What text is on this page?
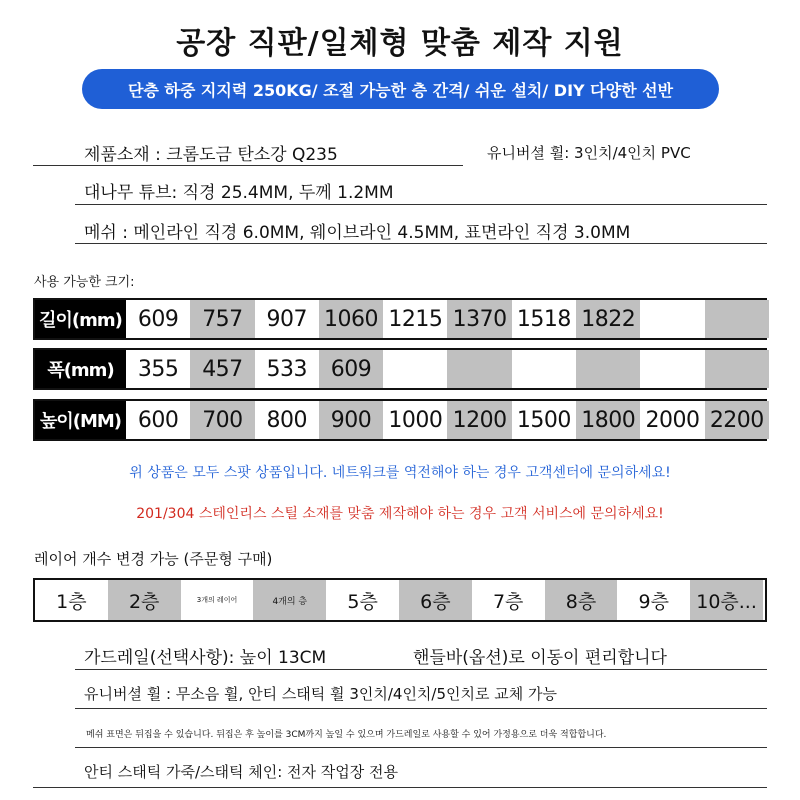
공장 직판/일체형 맞춤 제작 지원
단층 하중 지지력 250KG/ 조절 가능한 층 간격/ 쉬운 설치/ DIY 다양한 선반
제품소재 : 크롬도금 탄소강 Q235	유니버셜 휠: 3인치/4인치 PVC
대나무 튜브: 직경 25.4MM, 두께 1.2MM
메쉬 : 메인라인 직경 6.0MM, 웨이브라인 4.5MM, 표면라인 직경 3.0MM
사용 가능한 크기:
길이(mm) 609	757	907 1060 1215 1370 1518 1822
폭(mm)	355	457	533	609
높이(MM) 600	700	800	900 1000 1200 1500 1800 2000 2200
위 상품은 모두 스팟 상품입니다. 네트워크를 역전해야 하는 경우 고객센터에 문의하세요!
201/304 스테인리스 스틸 소재를 맞춤 제작해야 하는 경우 고객 서비스에 문의하세요!
레이어 개수 변경 가능 (주문형 구매)
1층	2층	3개의 레이어	4개의 층	5층	6층	7층	8층	9층	10층...
가드레일(선택사항): 높이 13CM	핸들바(옵션)로 이동이 편리합니다
유니버셜 휠 : 무소음 휠, 안티 스태틱 휠 3인치/4인치/5인치로 교체 가능
메쉬 표면은 뒤집을 수 있습니다. 뒤집은 후 높이를 3CM까지 높일 수 있으며 가드레일로 사용할 수 있어 가정용으로 더욱 적합합니다.
안티 스태틱 가죽/스태틱 체인: 전자 작업장 전용
